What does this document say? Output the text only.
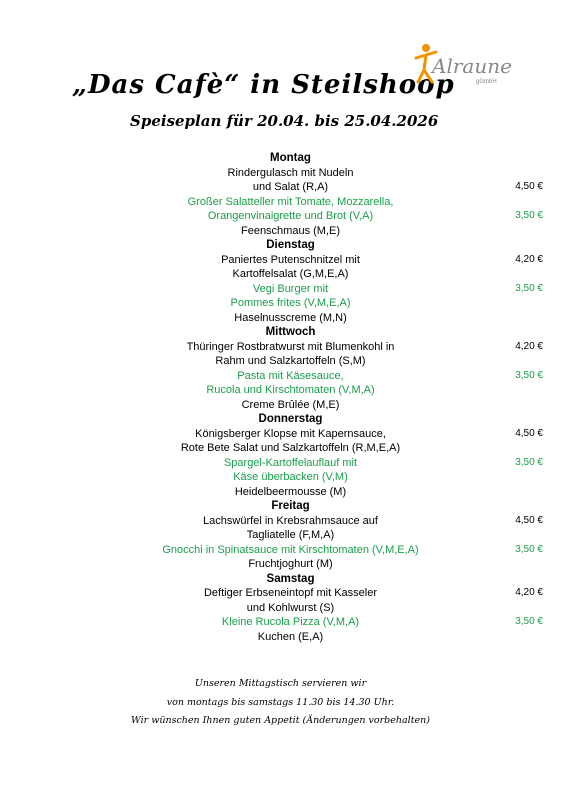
„Das Cafè“ in Steilshoop
Speiseplan für 20.04. bis 25.04.2026
Alraune
gGmbH
Montag
Rindergulasch mit Nudeln
und Salat (R,A)	4,50 €
Großer Salatteller mit Tomate, Mozzarella,
Orangenvinaigrette und Brot (V,A)	3,50 €
Feenschmaus (M,E)
Dienstag
Paniertes Putenschnitzel mit	4,20 €
Kartoffelsalat (G,M,E,A)
Vegi Burger mit	3,50 €
Pommes frites (V,M,E,A)
Haselnusscreme (M,N)
Mittwoch
Thüringer Rostbratwurst mit Blumenkohl in	4,20 €
Rahm und Salzkartoffeln (S,M)
Pasta mit Käsesauce,	3,50 €
Rucola und Kirschtomaten (V,M,A)
Creme Brûlée (M,E)
Donnerstag
Königsberger Klopse mit Kapernsauce,	4,50 €
Rote Bete Salat und Salzkartoffeln (R,M,E,A)
Spargel-Kartoffelauflauf mit	3,50 €
Käse überbacken (V,M)
Heidelbeermousse (M)
Freitag
Lachswürfel in Krebsrahmsauce auf	4,50 €
Tagliatelle (F,M,A)
Gnocchi in Spinatsauce mit Kirschtomaten (V,M,E,A)	3,50 €
Fruchtjoghurt (M)
Samstag
Deftiger Erbseneintopf mit Kasseler	4,20 €
und Kohlwurst (S)
Kleine Rucola Pizza (V,M,A)	3,50 €
Kuchen (E,A)
Unseren Mittagstisch servieren wir
von montags bis samstags 11.30 bis 14.30 Uhr.
Wir wünschen Ihnen guten Appetit (Änderungen vorbehalten)
